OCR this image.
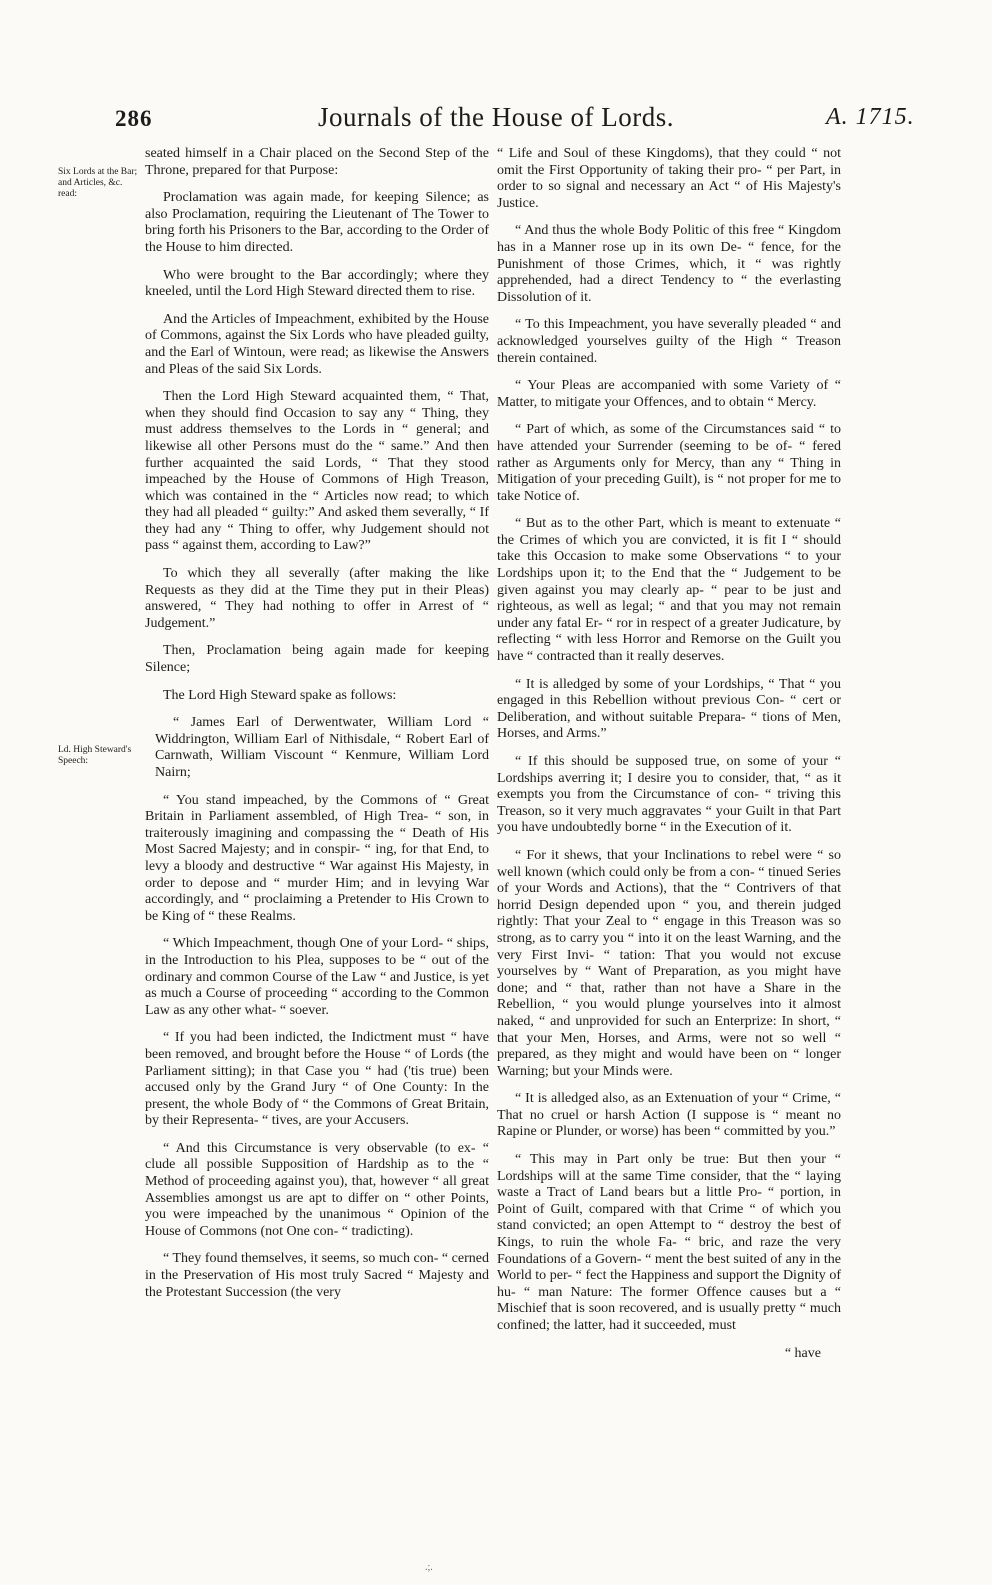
286	Journals of the House of Lords.	A. 1715.
Six Lords at the Bar; and Articles, &c. read:
Ld. High Steward's Speech:

seated himself in a Chair placed on the Second Step of the Throne, prepared for that Purpose:

Proclamation was again made, for keeping Silence; as also Proclamation, requiring the Lieutenant of The Tower to bring forth his Prisoners to the Bar, according to the Order of the House to him directed.

Who were brought to the Bar accordingly; where they kneeled, until the Lord High Steward directed them to rise.

And the Articles of Impeachment, exhibited by the House of Commons, against the Six Lords who have pleaded guilty, and the Earl of Wintoun, were read; as likewise the Answers and Pleas of the said Six Lords.

Then the Lord High Steward acquainted them, “ That, when they should find Occasion to say any “ Thing, they must address themselves to the Lords in “ general; and likewise all other Persons must do the “ same.” And then further acquainted the said Lords, “ That they stood impeached by the House of Commons of High Treason, which was contained in the “ Articles now read; to which they had all pleaded “ guilty:” And asked them severally, “ If they had any “ Thing to offer, why Judgement should not pass “ against them, according to Law?”

To which they all severally (after making the like Requests as they did at the Time they put in their Pleas) answered, “ They had nothing to offer in Arrest of “ Judgement.”

Then, Proclamation being again made for keeping Silence;

The Lord High Steward spake as follows:

“ James Earl of Derwentwater, William Lord “ Widdrington, William Earl of Nithisdale, “ Robert Earl of Carnwath, William Viscount “ Kenmure, William Lord Nairn;

“ You stand impeached, by the Commons of “ Great Britain in Parliament assembled, of High Trea- “ son, in traiterously imagining and compassing the “ Death of His Most Sacred Majesty; and in conspir- “ ing, for that End, to levy a bloody and destructive “ War against His Majesty, in order to depose and “ murder Him; and in levying War accordingly, and “ proclaiming a Pretender to His Crown to be King of “ these Realms.

“ Which Impeachment, though One of your Lord- “ ships, in the Introduction to his Plea, supposes to be “ out of the ordinary and common Course of the Law “ and Justice, is yet as much a Course of proceeding “ according to the Common Law as any other what- “ soever.

“ If you had been indicted, the Indictment must “ have been removed, and brought before the House “ of Lords (the Parliament sitting); in that Case you “ had ('tis true) been accused only by the Grand Jury “ of One County: In the present, the whole Body of “ the Commons of Great Britain, by their Representa- “ tives, are your Accusers.

“ And this Circumstance is very observable (to ex- “ clude all possible Supposition of Hardship as to the “ Method of proceeding against you), that, however “ all great Assemblies amongst us are apt to differ on “ other Points, you were impeached by the unanimous “ Opinion of the House of Commons (not One con- “ tradicting).

“ They found themselves, it seems, so much con- “ cerned in the Preservation of His most truly Sacred “ Majesty and the Protestant Succession (the very

“ Life and Soul of these Kingdoms), that they could “ not omit the First Opportunity of taking their pro- “ per Part, in order to so signal and necessary an Act “ of His Majesty's Justice.

“ And thus the whole Body Politic of this free “ Kingdom has in a Manner rose up in its own De- “ fence, for the Punishment of those Crimes, which, it “ was rightly apprehended, had a direct Tendency to “ the everlasting Dissolution of it.

“ To this Impeachment, you have severally pleaded “ and acknowledged yourselves guilty of the High “ Treason therein contained.

“ Your Pleas are accompanied with some Variety of “ Matter, to mitigate your Offences, and to obtain “ Mercy.

“ Part of which, as some of the Circumstances said “ to have attended your Surrender (seeming to be of- “ fered rather as Arguments only for Mercy, than any “ Thing in Mitigation of your preceding Guilt), is “ not proper for me to take Notice of.

“ But as to the other Part, which is meant to extenuate “ the Crimes of which you are convicted, it is fit I “ should take this Occasion to make some Observations “ to your Lordships upon it; to the End that the “ Judgement to be given against you may clearly ap- “ pear to be just and righteous, as well as legal; “ and that you may not remain under any fatal Er- “ ror in respect of a greater Judicature, by reflecting “ with less Horror and Remorse on the Guilt you have “ contracted than it really deserves.

“ It is alledged by some of your Lordships, “ That “ you engaged in this Rebellion without previous Con- “ cert or Deliberation, and without suitable Prepara- “ tions of Men, Horses, and Arms.”

“ If this should be supposed true, on some of your “ Lordships averring it; I desire you to consider, that, “ as it exempts you from the Circumstance of con- “ triving this Treason, so it very much aggravates “ your Guilt in that Part you have undoubtedly borne “ in the Execution of it.

“ For it shews, that your Inclinations to rebel were “ so well known (which could only be from a con- “ tinued Series of your Words and Actions), that the “ Contrivers of that horrid Design depended upon “ you, and therein judged rightly: That your Zeal to “ engage in this Treason was so strong, as to carry you “ into it on the least Warning, and the very First Invi- “ tation: That you would not excuse yourselves by “ Want of Preparation, as you might have done; and “ that, rather than not have a Share in the Rebellion, “ you would plunge yourselves into it almost naked, “ and unprovided for such an Enterprize: In short, “ that your Men, Horses, and Arms, were not so well “ prepared, as they might and would have been on “ longer Warning; but your Minds were.

“ It is alledged also, as an Extenuation of your “ Crime, “ That no cruel or harsh Action (I suppose is “ meant no Rapine or Plunder, or worse) has been “ committed by you.”

“ This may in Part only be true: But then your “ Lordships will at the same Time consider, that the “ laying waste a Tract of Land bears but a little Pro- “ portion, in Point of Guilt, compared with that Crime “ of which you stand convicted; an open Attempt to “ destroy the best of Kings, to ruin the whole Fa- “ bric, and raze the very Foundations of a Govern- “ ment the best suited of any in the World to per- “ fect the Happiness and support the Dignity of hu- “ man Nature: The former Offence causes but a “ Mischief that is soon recovered, and is usually pretty “ much confined; the latter, had it succeeded, must

“ have

.;.
